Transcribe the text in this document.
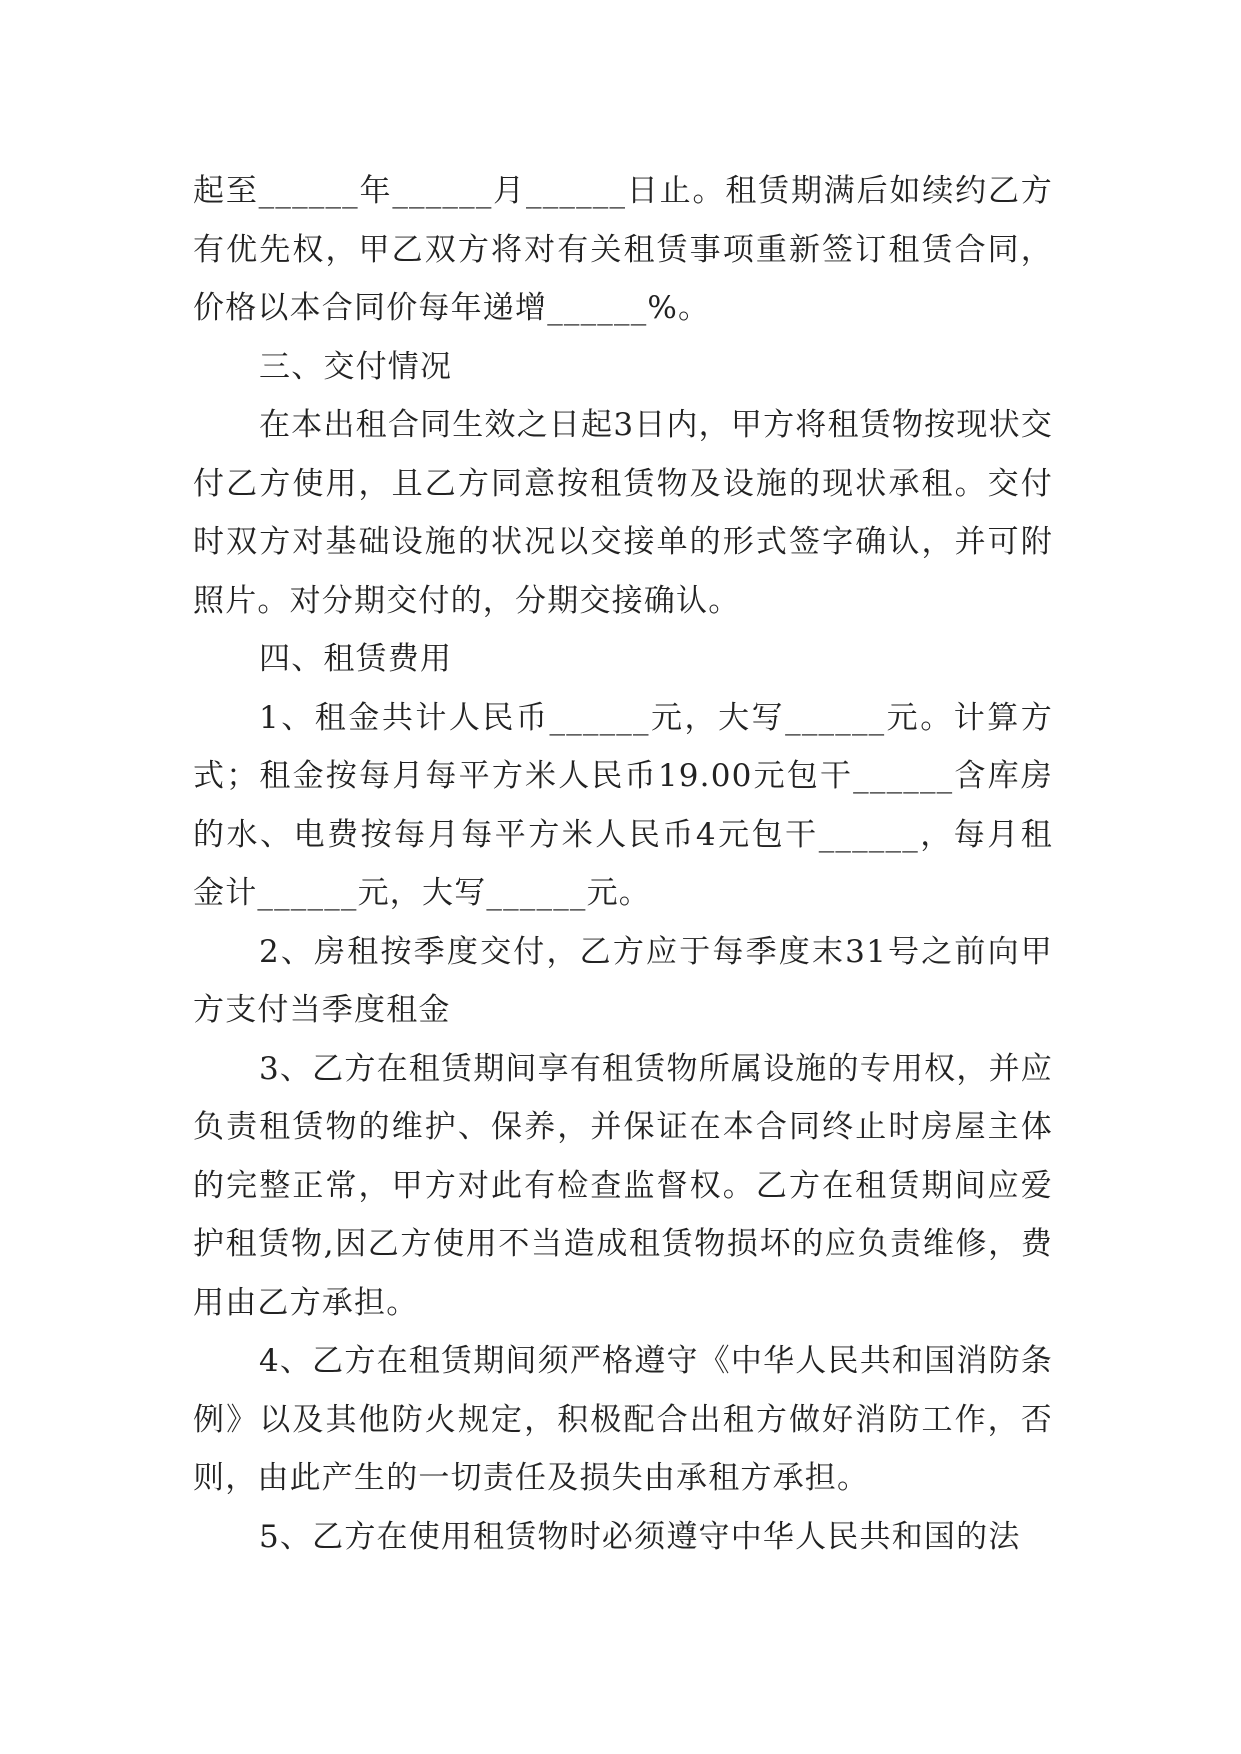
起至______年______月______日止。租赁期满后如续约乙方有优先权，甲乙双方将对有关租赁事项重新签订租赁合同，价格以本合同价每年递增______%。

三、交付情况

在本出租合同生效之日起3日内，甲方将租赁物按现状交付乙方使用，且乙方同意按租赁物及设施的现状承租。交付时双方对基础设施的状况以交接单的形式签字确认，并可附照片。对分期交付的，分期交接确认。

四、租赁费用

1、租金共计人民币______元，大写______元。计算方式；租金按每月每平方米人民币19.00元包干______含库房的水、电费按每月每平方米人民币4元包干______，每月租金计______元，大写______元。

2、房租按季度交付，乙方应于每季度末31号之前向甲方支付当季度租金

3、乙方在租赁期间享有租赁物所属设施的专用权，并应负责租赁物的维护、保养，并保证在本合同终止时房屋主体的完整正常，甲方对此有检查监督权。乙方在租赁期间应爱护租赁物,因乙方使用不当造成租赁物损坏的应负责维修，费用由乙方承担。

4、乙方在租赁期间须严格遵守《中华人民共和国消防条例》以及其他防火规定，积极配合出租方做好消防工作，否则，由此产生的一切责任及损失由承租方承担。

5、乙方在使用租赁物时必须遵守中华人民共和国的法
